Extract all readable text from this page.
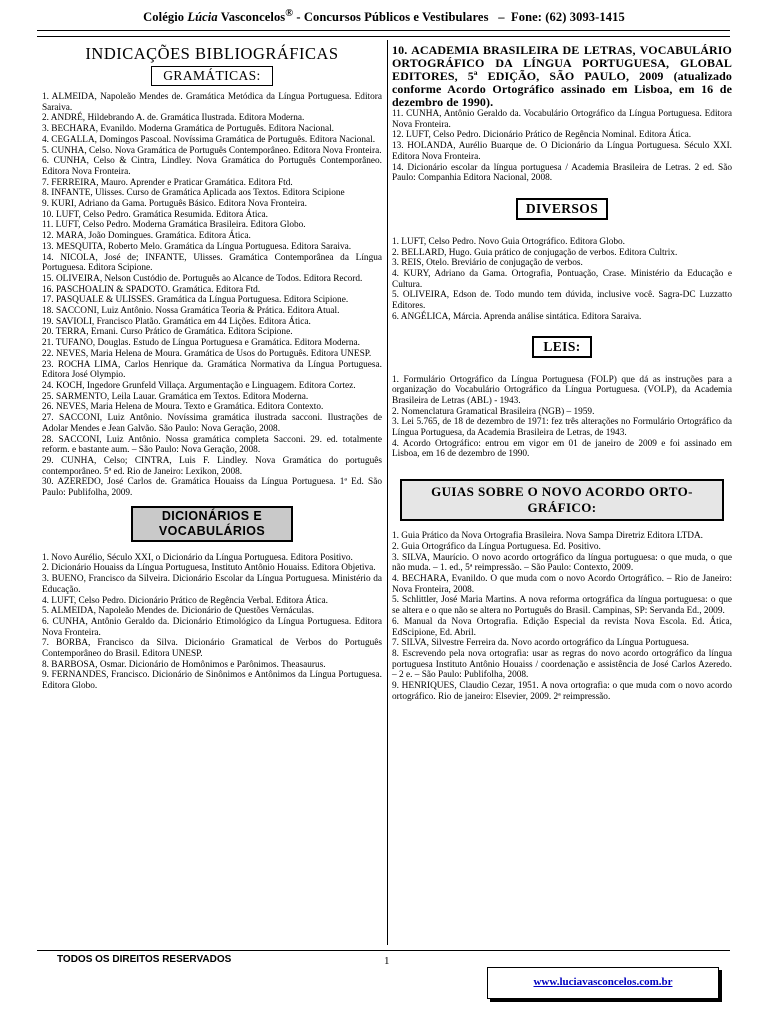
Colégio Lúcia Vasconcelos® - Concursos Públicos e Vestibulares   –  Fone: (62) 3093-1415
INDICAÇÕES BIBLIOGRÁFICAS
GRAMÁTICAS:
1. ALMEIDA, Napoleão Mendes de. Gramática Metódica da Língua Portuguesa. Editora Saraiva.
2. ANDRÉ, Hildebrando A. de. Gramática Ilustrada. Editora Moderna.
3. BECHARA, Evanildo. Moderna Gramática de Português. Editora Nacional.
4. CEGALLA, Domingos Pascoal. Novíssima Gramática de Português. Editora Nacional.
5. CUNHA, Celso. Nova Gramática de Português Contemporâneo. Editora Nova Fronteira.
6. CUNHA, Celso & Cintra, Lindley. Nova Gramática do Português Contemporâneo. Editora Nova Fronteira.
7. FERREIRA, Mauro. Aprender e Praticar Gramática. Editora Ftd.
8. INFANTE, Ulisses. Curso de Gramática Aplicada aos Textos. Editora Scipione
9. KURI, Adriano da Gama. Português Básico. Editora Nova Fronteira.
10. LUFT, Celso Pedro. Gramática Resumida. Editora Ática.
11. LUFT, Celso Pedro. Moderna Gramática Brasileira. Editora Globo.
12. MARA, João Domingues. Gramática. Editora Ática.
13. MESQUITA, Roberto Melo. Gramática da Língua Portuguesa. Editora Saraiva.
14. NICOLA, José de; INFANTE, Ulisses. Gramática Contemporânea da Língua Portuguesa. Editora Scipione.
15. OLIVEIRA, Nelson Custódio de. Português ao Alcance de Todos. Editora Record.
16. PASCHOALIN & SPADOTO. Gramática. Editora Ftd.
17. PASQUALE & ULISSES. Gramática da Língua Portuguesa. Editora Scipione.
18. SACCONI, Luiz Antônio. Nossa Gramática Teoria & Prática. Editora Atual.
19. SAVIOLI, Francisco Platão. Gramática em 44 Lições. Editora Ática.
20. TERRA, Ernani. Curso Prático de Gramática. Editora Scipione.
21. TUFANO, Douglas. Estudo de Língua Portuguesa e Gramática. Editora Moderna.
22. NEVES, Maria Helena de Moura. Gramática de Usos do Português. Editora UNESP.
23. ROCHA LIMA, Carlos Henrique da. Gramática Normativa da Língua Portuguesa. Editora José Olympio.
24. KOCH, Ingedore Grunfeld Villaça. Argumentação e Linguagem. Editora Cortez.
25. SARMENTO, Leila Lauar. Gramática em Textos. Editora Moderna.
26. NEVES, Maria Helena de Moura. Texto e Gramática. Editora Contexto.
27. SACCONI, Luiz Antônio. Novíssima gramática ilustrada sacconi. Ilustrações de Adolar Mendes e Jean Galvão. São Paulo: Nova Geração, 2008.
28. SACCONI, Luiz Antônio. Nossa gramática completa Sacconi. 29. ed. totalmente reform. e bastante aum. – São Paulo: Nova Geração, 2008.
29. CUNHA, Celso; CINTRA, Luis F. Lindley. Nova Gramática do português contemporâneo. 5ª ed. Rio de Janeiro: Lexikon, 2008.
30. AZEREDO, José Carlos de. Gramática Houaiss da Língua Portuguesa. 1ª Ed. São Paulo: Publifolha, 2009.
DICIONÁRIOS E
VOCABULÁRIOS
1. Novo Aurélio, Século XXI, o Dicionário da Língua Portuguesa. Editora Positivo.
2. Dicionário Houaiss da Língua Portuguesa, Instituto Antônio Houaiss. Editora Objetiva.
3. BUENO, Francisco da Silveira. Dicionário Escolar da Língua Portuguesa. Ministério da Educação.
4. LUFT, Celso Pedro. Dicionário Prático de Regência Verbal. Editora Ática.
5. ALMEIDA, Napoleão Mendes de. Dicionário de Questões Vernáculas.
6. CUNHA, Antônio Geraldo da. Dicionário Etimológico da Língua Portuguesa. Editora Nova Fronteira.
7. BORBA, Francisco da Silva. Dicionário Gramatical de Verbos do Português Contemporâneo do Brasil. Editora UNESP.
8. BARBOSA, Osmar. Dicionário de Homônimos e Parônimos. Theasaurus.
9. FERNANDES, Francisco. Dicionário de Sinônimos e Antônimos da Língua Portuguesa. Editora Globo.
10. ACADEMIA BRASILEIRA DE LETRAS, VOCABULÁRIO ORTOGRÁFICO DA LÍNGUA PORTUGUESA, GLOBAL EDITORES, 5ª EDIÇÃO, SÃO PAULO, 2009 (atualizado conforme Acordo Ortográfico assinado em Lisboa, em 16 de dezembro de 1990).
11. CUNHA, Antônio Geraldo da. Vocabulário Ortográfico da Língua Portuguesa. Editora Nova Fronteira.
12. LUFT, Celso Pedro. Dicionário Prático de Regência Nominal. Editora Ática.
13. HOLANDA, Aurélio Buarque de. O Dicionário da Língua Portuguesa. Século XXI. Editora Nova Fronteira.
14. Dicionário escolar da língua portuguesa / Academia Brasileira de Letras. 2 ed. São Paulo: Companhia Editora Nacional, 2008.
DIVERSOS
1. LUFT, Celso Pedro. Novo Guia Ortográfico. Editora Globo.
2. BELLARD, Hugo. Guia prático de conjugação de verbos. Editora Cultrix.
3. REIS, Otelo. Breviário de conjugação de verbos.
4. KURY, Adriano da Gama. Ortografia, Pontuação, Crase. Ministério da Educação e Cultura.
5. OLIVEIRA, Edson de. Todo mundo tem dúvida, inclusive você. Sagra-DC Luzzatto Editores.
6. ANGÉLICA, Márcia. Aprenda análise sintática. Editora Saraiva.
LEIS:
1. Formulário Ortográfico da Língua Portuguesa (FOLP) que dá as instruções para a organização do Vocabulário Ortográfico da Língua Portuguesa. (VOLP), da Academia Brasileira de Letras (ABL) - 1943.
2. Nomenclatura Gramatical Brasileira (NGB) – 1959.
3. Lei 5.765, de 18 de dezembro de 1971: fez três alterações no Formulário Ortográfico da Língua Portuguesa, da Academia Brasileira de Letras, de 1943.
4. Acordo Ortográfico: entrou em vigor em 01 de janeiro de 2009 e foi assinado em Lisboa, em 16 de dezembro de 1990.
GUIAS SOBRE O NOVO ACORDO ORTO-
GRÁFICO:
1. Guia Prático da Nova Ortografia Brasileira. Nova Sampa Diretriz Editora LTDA.
2. Guia Ortográfico da Língua Portuguesa. Ed. Positivo.
3. SILVA, Maurício. O novo acordo ortográfico da língua portuguesa: o que muda, o que não muda. – 1. ed., 5ª reimpressão. – São Paulo: Contexto, 2009.
4. BECHARA, Evanildo. O que muda com o novo Acordo Ortográfico. – Rio de Janeiro: Nova Fronteira, 2008.
5. Schlittler, José Maria Martins. A nova reforma ortográfica da língua portuguesa: o que se altera e o que não se altera no Português do Brasil. Campinas, SP: Servanda Ed., 2009.
6. Manual da Nova Ortografia. Edição Especial da revista Nova Escola. Ed. Ática, EdScipione, Ed. Abril.
7. SILVA, Silvestre Ferreira da. Novo acordo ortográfico da Língua Portuguesa.
8. Escrevendo pela nova ortografia: usar as regras do novo acordo ortográfico da língua portuguesa Instituto Antônio Houaiss / coordenação e assistência de José Carlos Azeredo. – 2 e. – São Paulo: Publifolha, 2008.
9. HENRIQUES, Claudio Cezar, 1951. A nova ortografia: o que muda com o novo acordo ortográfico. Rio de janeiro: Elsevier, 2009. 2ª reimpressão.
TODOS OS DIREITOS RESERVADOS	1
www.luciavasconcelos.com.br
